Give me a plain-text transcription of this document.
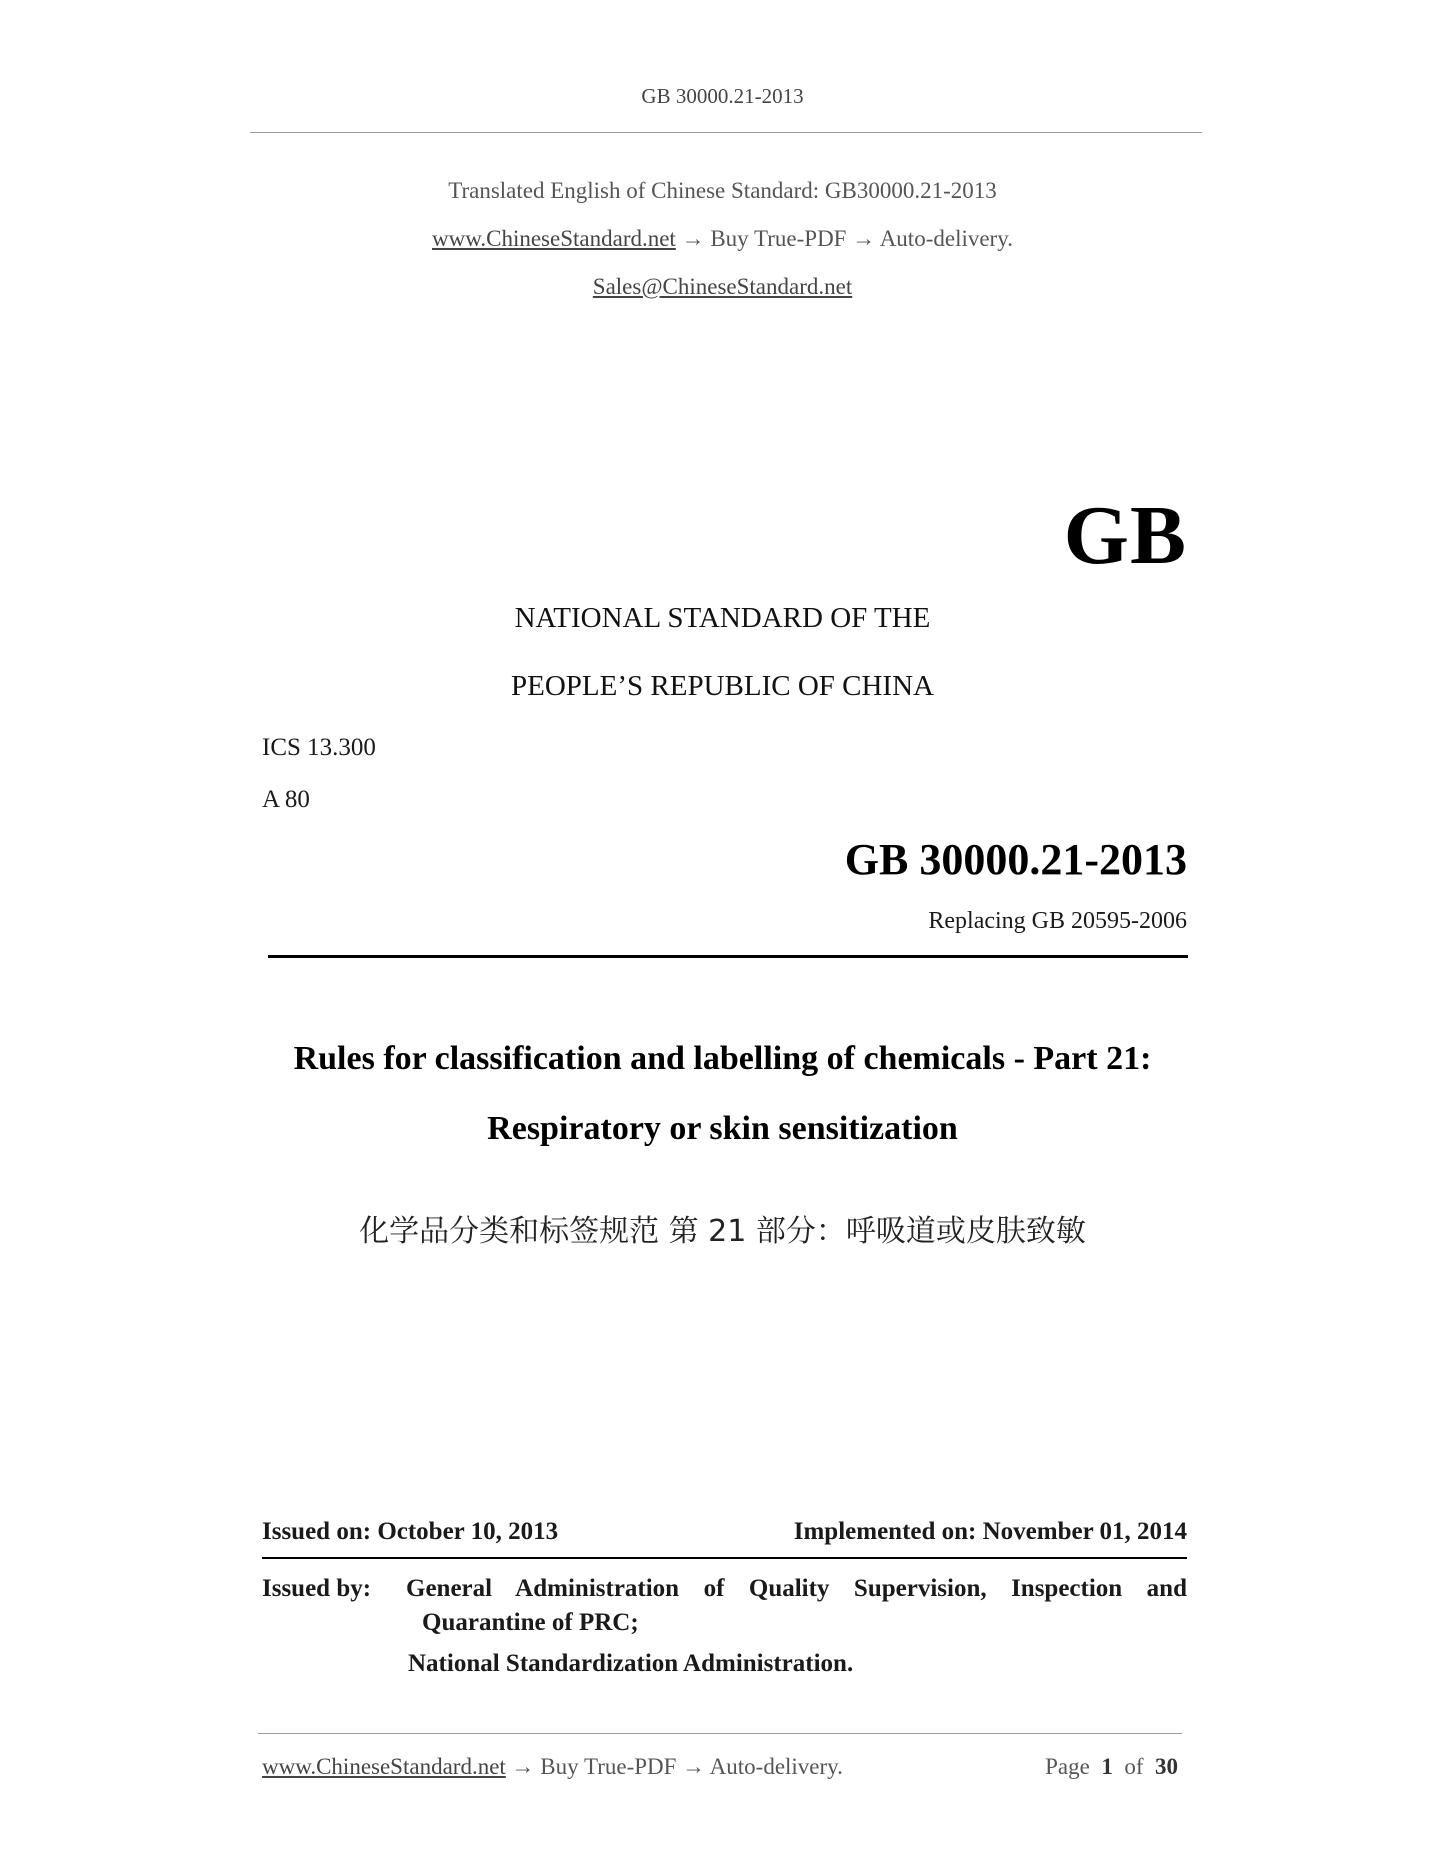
GB 30000.21-2013
Translated English of Chinese Standard: GB30000.21-2013
www.ChineseStandard.net → Buy True-PDF → Auto-delivery.
Sales@ChineseStandard.net
GB
NATIONAL STANDARD OF THE
PEOPLE’S REPUBLIC OF CHINA
ICS 13.300
A 80
GB 30000.21-2013
Replacing GB 20595-2006
Rules for classification and labelling of chemicals - Part 21:
Respiratory or skin sensitization
化学品分类和标签规范 第 21 部分：呼吸道或皮肤致敏
Issued on: October 10, 2013	Implemented on: November 01, 2014
Issued by:	General Administration of Quality Supervision, Inspection and
Quarantine of PRC;
National Standardization Administration.
www.ChineseStandard.net → Buy True-PDF → Auto-delivery.	Page 1 of 30
